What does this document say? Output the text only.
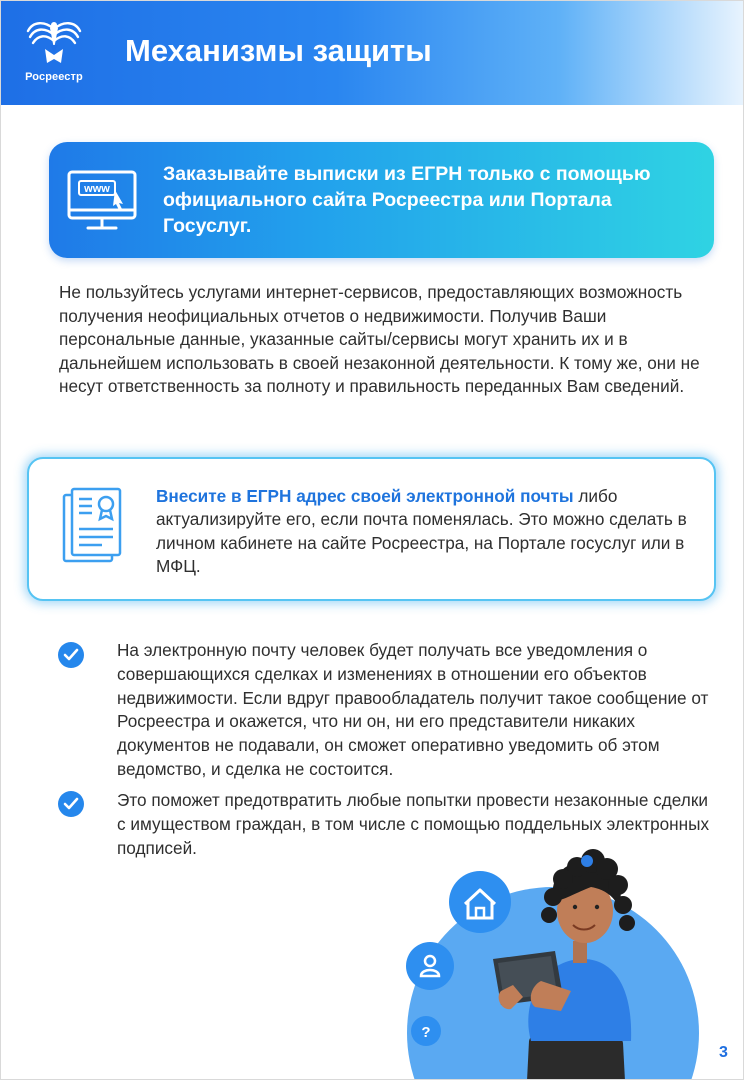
Росреестр
Механизмы защиты
www
Заказывайте выписки из ЕГРН только с помощью официального сайта Росреестра или Портала Госуслуг.

Не пользуйтесь услугами интернет-сервисов, предоставляющих возможность получения неофициальных отчетов о недвижимости. Получив Ваши персональные данные, указанные сайты/сервисы могут хранить их и в дальнейшем использовать в своей незаконной деятельности. К тому же, они не несут ответственность за полноту и правильность переданных Вам сведений.

Внесите в ЕГРН адрес своей электронной почты либо актуализируйте его, если почта поменялась. Это можно сделать в личном кабинете на сайте Росреестра, на Портале госуслуг или в МФЦ.

На электронную почту человек будет получать все уведомления о совершающихся сделках и изменениях в отношении его объектов недвижимости. Если вдруг правообладатель получит такое сообщение от Росреестра и окажется, что ни он, ни его представители никаких документов не подавали, он сможет оперативно уведомить об этом ведомство, и сделка не состоится.

Это поможет предотвратить любые попытки провести незаконные сделки с имуществом граждан, в том числе с помощью поддельных электронных подписей.

?
3
